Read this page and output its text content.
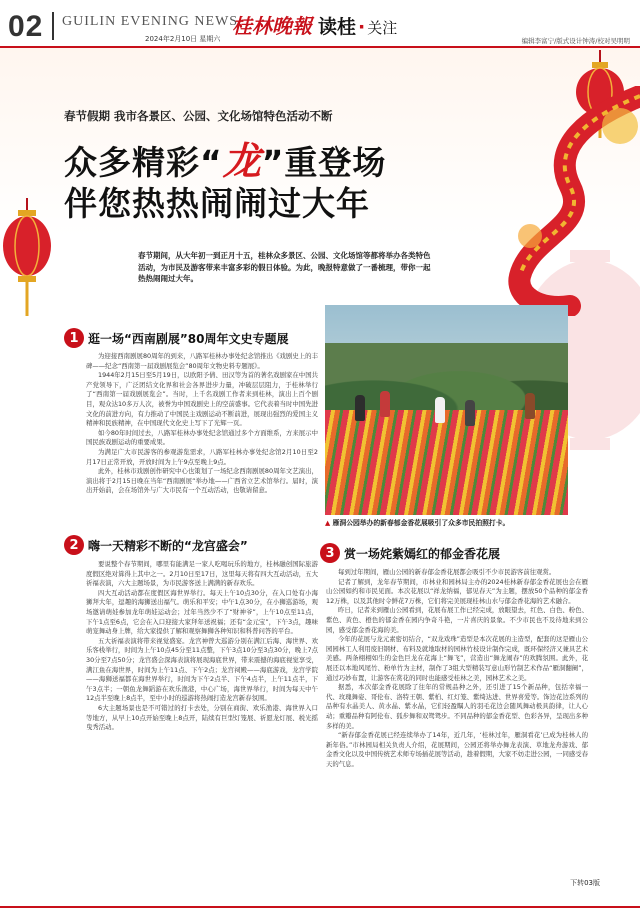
02 GUILIN EVENING NEWS
2024年2月10日 星期六
桂林晚報 读桂 · 关注
编辑李富宁/版式设计钟涛/校对吴明明
春节假期 我市各景区、公园、文化场馆特色活动不断
众多精彩“龙”重登场
伴您热热闹闹过大年
春节期间，从大年初一到正月十五，桂林众多景区、公园、文化场馆等都将举办各类特色活动，为市民及游客带来丰富多彩的假日体验。为此，晚报特意做了一番梳理，带你一起热热闹闹过大年。
1 逛一场“西南剧展”80周年文史专题展

为迎接西南剧展80周年的到来，八路军桂林办事处纪念馆推出《戏剧史上的丰碑——纪念“西南第一届戏剧展览会”80周年文物史料专题展》。

1944年2月15日至5月19日，以欧阳予倩、田汉等为首的著名戏剧家在中国共产党领导下，广泛团结文化界和社会各界进步力量，冲破层层阻力，于桂林举行了“西南第一届戏剧展览会”。当时，上千名戏剧工作者来到桂林，演出上百个剧目，观众达10多万人次，被誉为中国戏剧史上的空前盛事。它代表着当时中国先进文化的前进方向，有力推动了中国民主戏剧运动不断前进，展现出强烈的爱国主义精神和民族精神，在中国现代文化史上写下了光辉一页。

如今80年时间过去，八路军桂林办事处纪念馆通过多个方面维系，方来展示中国民族戏剧运动的重要成果。

为满足广大市民游客的参观游览需求，八路军桂林办事处纪念馆2月10日至2月17日正常开放，开放时间为上午9点至晚上9点。

此外，桂林市戏剧创作研究中心也策划了一场纪念西南剧展80周年文艺演出，演出将于2月15日晚在当年“西南剧展”举办地——广西省立艺术馆举行。届时，演出开始前，会在场馆外与广大市民有一个互动活动，也敬请留意。

2 嗨一天精彩不断的“龙宫盛会”

要说整个春节期间，哪里有能满足一家人吃喝玩乐的地方，桂林融创国际旅游度假区绝对算得上其中之一。2月10日至17日，这里每天将有四大互动活动，五大祈福表演，六大主题场景，为市民游客送上满满的新春欢乐。

四大互动活动都在度假区海世界举行。每天上午10点30分，在入口处有小海狮拜大年，逗趣的海狮送出福气。萌乐和平安；中午1点30分，在小狮巡游场，观场邀请萌娃参加龙年萌娃运动会；过年当然少不了“财神爷”，上午10点至11点，下午1点至6点，它会在入口迎接大家拜年送祝福；还有“金元宝”，下午3点，趣味萌宠舞动身上牌，给大家提供了解和观察舞狮各种知识和科普问答的平台。

五大祈福表演将带来视觉盛宴。龙宫神曾大巡游分别在满江后海、海世界、欢乐客栈举行，时间为上午10点45分至11点整，下午3点10分至3点30分，晚上7点30分至7点50分；龙宫盛会深海表演将展现海底世界，带来震撼的海底视觉享受，满江鱼在海世界，时间为上午11点、下午2点；龙宫祠殿——海底游戏，龙宫学院——海狮送福都在海世界举行，时间为下午2点半、下午4点半，上午11点半，下午3点半；一朝鱼龙舞蹈游在欢乐渔港，中心广场，海世界举行，时间为每天中午12点半至晚上8点半，至中小时的巡游将热闹打造龙宫新春氛围。

6大主题场景也是不可错过的打卡去处，分别在商街、欢乐渔港、海世界入口等地方，从早上10点开始至晚上8点开，陆续有巨型灯笼展、祈愿龙灯展、税光摇曳秀活动。

▲ 雁洞公园举办的新春郁金香花展吸引了众多市民拍照打卡。
3 赏一场姹紫嫣红的郁金香花展

每到过年期间，雁山公园的新春郁金香花展都会吸引不少市民游客前往观赏。

记者了解到，龙年春节期间，市林业和园林局主办的2024桂林新春郁金香花展也会在雁山公园如约和市民见面。本次花展以“祥龙纳福，郁见春天”为主题，摆放50个品种的郁金香12万株，以及其他时令鲜花7万株，它们将完美展现桂林山水与郁金香花海的艺术融合。

昨日，记者来到雁山公园看到，花展布展工作已经完成，放眼望去，红色、白色、粉色、紫色、黄色、橙色的郁金香在园内争奇斗艳，一片喜庆的景象。不少市民也不及待地来到公园，感受郁金香花海的美。

今年的花展与龙元素密切结合，“双龙戏珠”造型是本次花展的主造型，配套的这是雁山公园园林工人利用废旧钢材、布料及就地取材的园林竹枝设计制作完成，既环保经济又兼具艺术美感。两条栩栩如生的金色巨龙在花海上“舞飞”，营造出“舞龙闹春”的欢腾氛围。此外，花展还以本地风尾竹、粉单竹为主材，制作了3组大型精装写意山形竹制艺术作品“雁洞翻阑”，通过巧妙布置，让游客在赏花的同时也能感受桂林之美，园林艺术之美。

据悉，本次郁金香花展除了往年的常规品种之外，还引进了15个新品种，包括幸福一代、玫瑰舞姿、哥伦布、洛特王朝、紫柏、红灯笼、紫绮达进、世界喜爱等。饰边花边系列的品种有水晶美人、黄水晶、紫水晶，它们轻盈瞩人的羽毛花边会随风舞动极具韵律，让人心动；重瓣品种有阿伦布、狐步舞和双鸳鸳步。不同品种的郁金香花型、色彩各异，呈现出多种多样的美。

“新春郁金香花展已经连续举办了14年，近几年，‘桂林过年，雁洞看花’已成为桂林人的新年俗。”市林园局相关负责人介绍，花展期间，公园还将举办舞龙表演、草地龙舟游戏、郁金香文化以及中国传统艺术师专场插花展等活动，趁着假期，大家不妨走进公园，一同感受春天的气息。

下转03版
